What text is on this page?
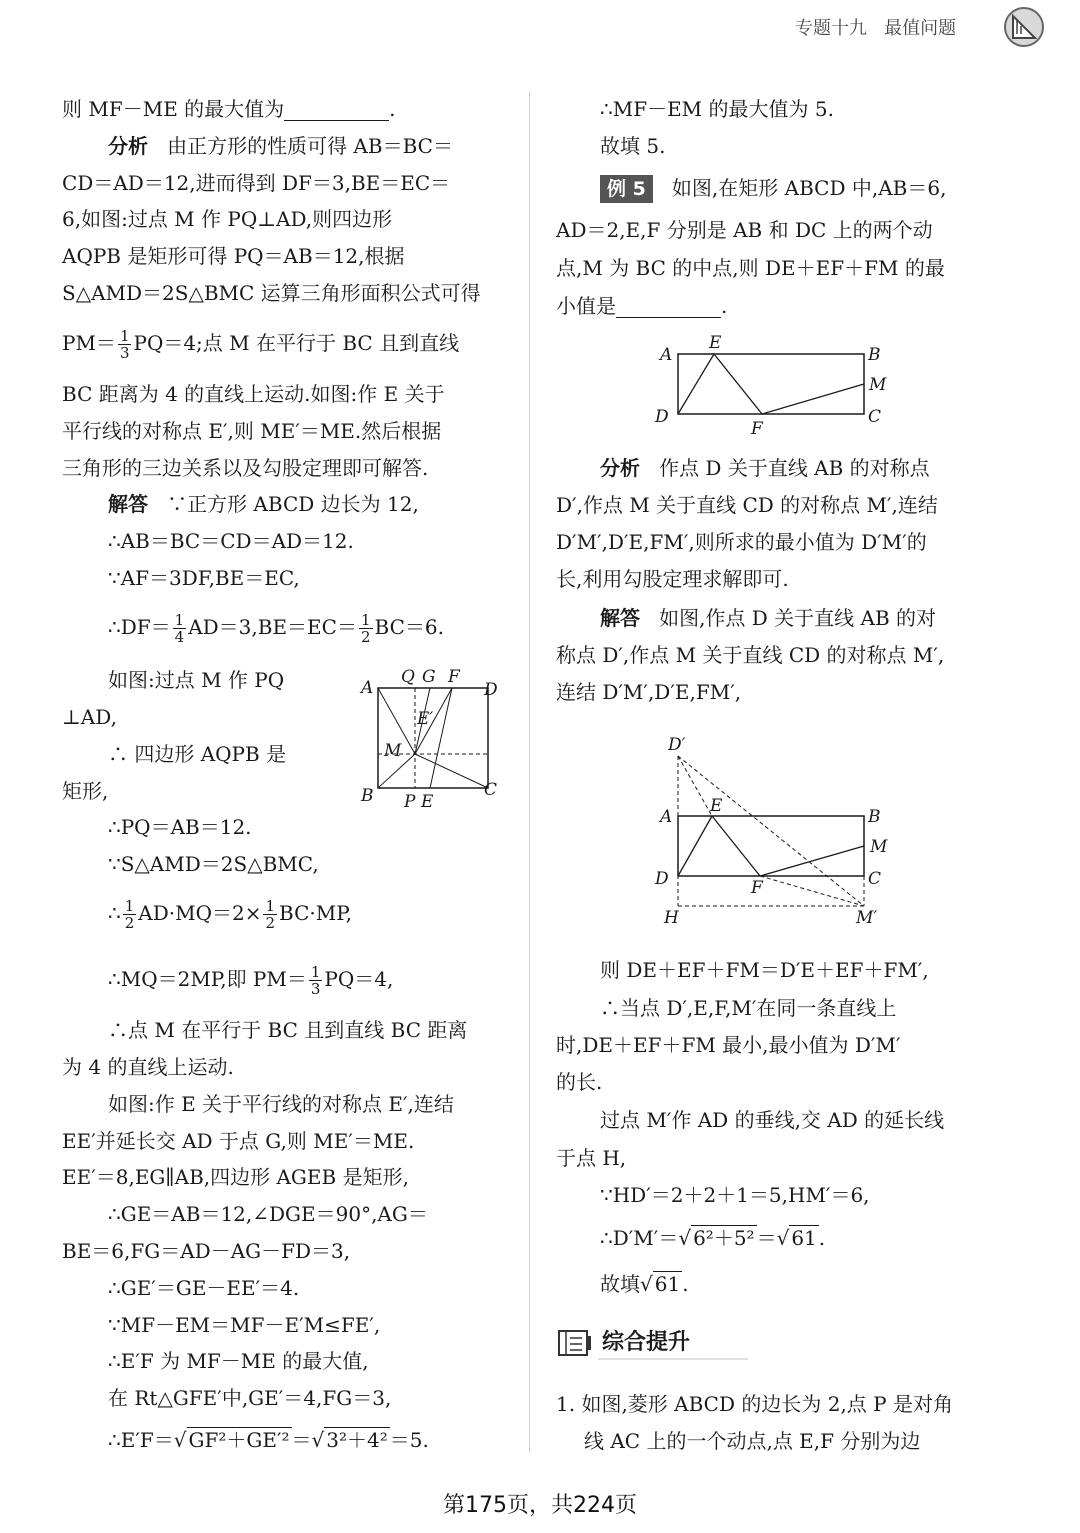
专题十九 最值问题
则 MF－ME 的最大值为	.
分析 由正方形的性质可得 AB＝BC＝
CD＝AD＝12,进而得到 DF＝3,BE＝EC＝
6,如图:过点 M 作 PQ⊥AD,则四边形
AQPB 是矩形可得 PQ＝AB＝12,根据
S△AMD＝2S△BMC 运算三角形面积公式可得
$PM= \frac{1}{3} PQ=4$;点 M 在平行于 BC 且到直线
BC 距离为 4 的直线上运动.如图:作 E 关于
平行线的对称点 E′,则 ME′＝ME.然后根据
三角形的三边关系以及勾股定理即可解答.
解答 ∵正方形 ABCD 边长为 12,
∴AB＝BC＝CD＝AD＝12.
∵AF＝3DF,BE＝EC,
∴DF＝ $\frac{1}{4} AD=3,BE=EC= \frac{1}{2} BC=6$.
如图:过点 M 作 PQ
⊥AD,
∴ 四边形 AQPB 是
矩形,
A
Q G F
D
E′
M
B P E
C
∴PQ＝AB＝12.
∵S△AMD＝2S△BMC,
∴ $\frac{1}{2} AD\cdot MQ=2\times \frac{1}{2} BC\cdot MP$,
∴MQ＝2MP,即 $PM= \frac{1}{3} PQ=4$,
∴点 M 在平行于 BC 且到直线 BC 距离
为 4 的直线上运动.
如图:作 E 关于平行线的对称点 E′,连结
EE′并延长交 AD 于点 G,则 ME′＝ME.
EE′＝8,EG∥AB,四边形 AGEB 是矩形,
∴GE＝AB＝12,∠DGE＝90°,AG＝
BE＝6,FG＝AD－AG－FD＝3,
∴GE′＝GE－EE′＝4.
∵MF－EM＝MF－E′M≤FE′,
∴E′F 为 MF－ME 的最大值,
在 Rt△GFE′中,GE′＝4,FG＝3,
∴E′F＝√ GF²＋GE′² ＝√ 3²＋4² ＝5.
∴MF－EM 的最大值为 5.
故填 5.
例 5 如图,在矩形 ABCD 中,AB＝6,
AD＝2,E,F 分别是 AB 和 DC 上的两个动
点,M 为 BC 的中点,则 DE＋EF＋FM 的最
小值是	.
A
E
B
M
D
F
C
分析 作点 D 关于直线 AB 的对称点
D′,作点 M 关于直线 CD 的对称点 M′,连结
D′M′,D′E,FM′,则所求的最小值为 D′M′的
长,利用勾股定理求解即可.
解答 如图,作点 D 关于直线 AB 的对
称点 D′,作点 M 关于直线 CD 的对称点 M′,
连结 D′M′,D′E,FM′,
D′
A
E
B
M
D	F	C
H	M′
则 DE＋EF＋FM＝D′E＋EF＋FM′,
∴当点 D′,E,F,M′在同一条直线上
时,DE＋EF＋FM 最小,最小值为 D′M′
的长.
过点 M′作 AD 的垂线,交 AD 的延长线
于点 H,
∵HD′＝2＋2＋1＝5,HM′＝6,
∴D′M′＝√ 6²＋5² ＝√ 61 .
故填√ 61 .
综合提升
1. 如图,菱形 ABCD 的边长为 2,点 P 是对角
线 AC 上的一个动点,点 E,F 分别为边
第175页，共224页
